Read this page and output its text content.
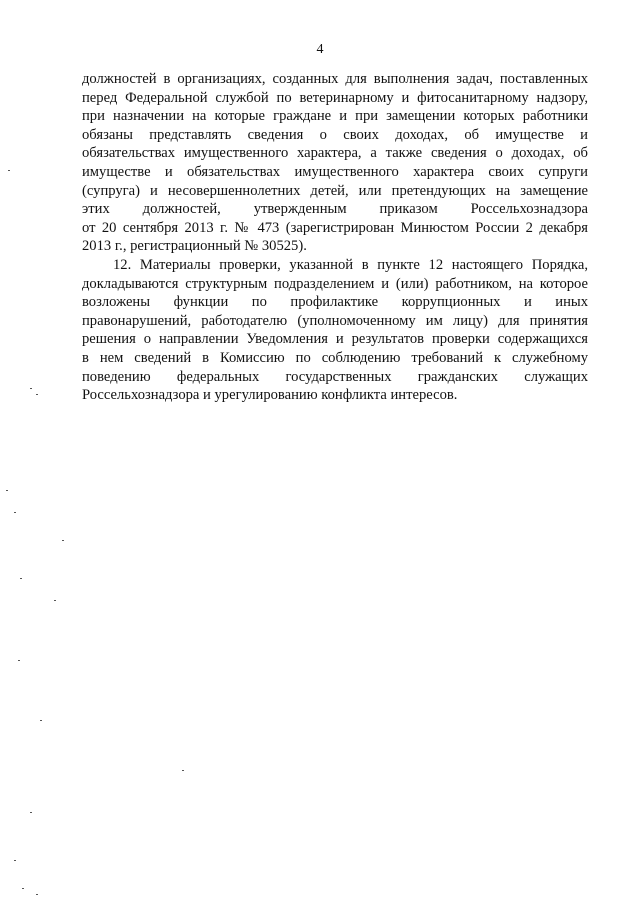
4
должностей в организациях, созданных для выполнения задач, поставленных
перед Федеральной службой по ветеринарному и фитосанитарному надзору,
при назначении на которые граждане и при замещении которых работники
обязаны представлять сведения о своих доходах, об имуществе и
обязательствах имущественного характера, а также сведения о доходах, об
имуществе и обязательствах имущественного характера своих супруги
(супруга) и несовершеннолетних детей, или претендующих на замещение
этих должностей, утвержденным приказом Россельхознадзора
от 20 сентября 2013 г. № 473 (зарегистрирован Минюстом России 2 декабря
2013 г., регистрационный № 30525).
12. Материалы проверки, указанной в пункте 12 настоящего Порядка,
докладываются структурным подразделением и (или) работником, на которое
возложены функции по профилактике коррупционных и иных
правонарушений, работодателю (уполномоченному им лицу) для принятия
решения о направлении Уведомления и результатов проверки содержащихся
в нем сведений в Комиссию по соблюдению требований к служебному
поведению федеральных государственных гражданских служащих
Россельхознадзора и урегулированию конфликта интересов.
